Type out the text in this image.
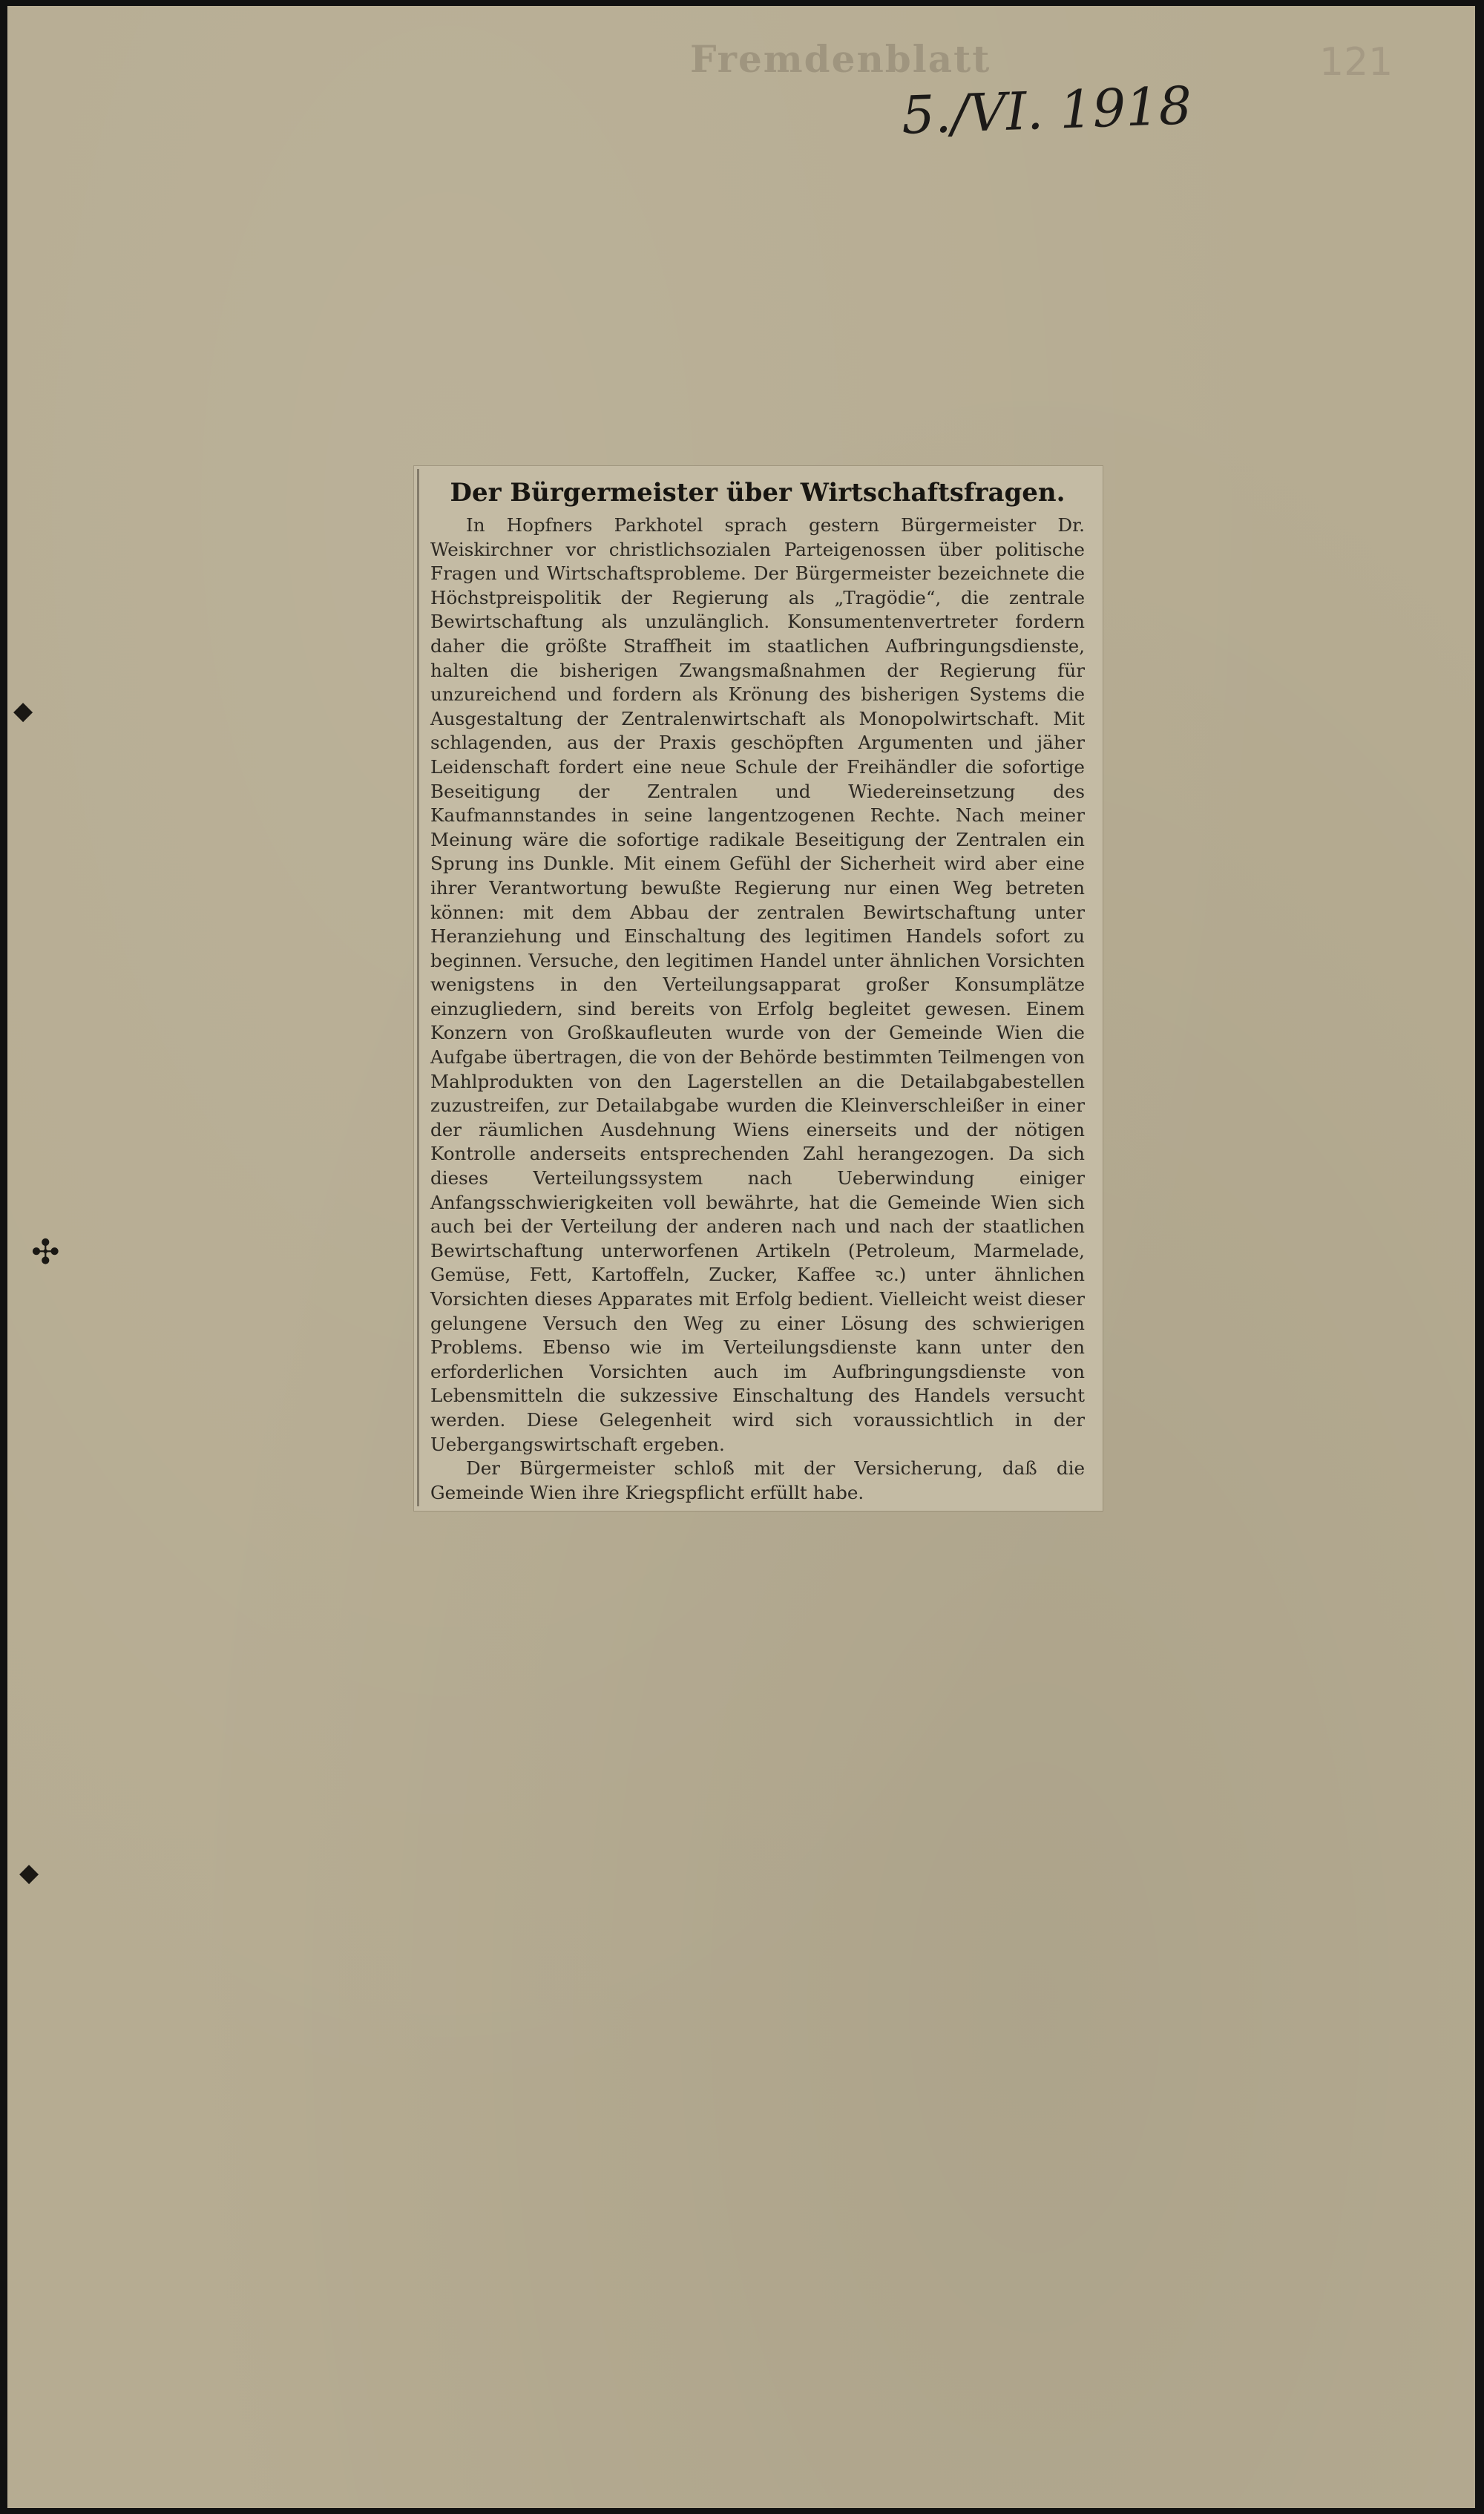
Fremdenblatt
5./VI. 1918
121
◆
✣
◆
Der Bürgermeister über Wirtschaftsfragen.

In Hopfners Parkhotel sprach gestern Bürgermeister Dr. Weiskirchner vor christlichsozialen Parteigenossen über politische Fragen und Wirtschaftsprobleme. Der Bürgermeister bezeichnete die Höchstpreispolitik der Regierung als „Tragödie“, die zentrale Bewirtschaftung als unzulänglich. Konsumentenvertreter fordern daher die größte Straffheit im staatlichen Aufbringungsdienste, halten die bisherigen Zwangsmaßnahmen der Regierung für unzureichend und fordern als Krönung des bisherigen Systems die Ausgestaltung der Zentralenwirtschaft als Monopolwirtschaft. Mit schlagenden, aus der Praxis geschöpften Argumenten und jäher Leidenschaft fordert eine neue Schule der Freihändler die sofortige Beseitigung der Zentralen und Wiedereinsetzung des Kaufmannstandes in seine langentzogenen Rechte. Nach meiner Meinung wäre die sofortige radikale Beseitigung der Zentralen ein Sprung ins Dunkle. Mit einem Gefühl der Sicherheit wird aber eine ihrer Verantwortung bewußte Regierung nur einen Weg betreten können: mit dem Abbau der zentralen Bewirtschaftung unter Heranziehung und Einschaltung des legitimen Handels sofort zu beginnen. Versuche, den legitimen Handel unter ähnlichen Vorsichten wenigstens in den Verteilungsapparat großer Konsumplätze einzugliedern, sind bereits von Erfolg begleitet gewesen. Einem Konzern von Großkaufleuten wurde von der Gemeinde Wien die Aufgabe übertragen, die von der Behörde bestimmten Teilmengen von Mahlprodukten von den Lagerstellen an die Detailabgabestellen zuzustreifen, zur Detailabgabe wurden die Kleinverschleißer in einer der räumlichen Ausdehnung Wiens einerseits und der nötigen Kontrolle anderseits entsprechenden Zahl herangezogen. Da sich dieses Verteilungssystem nach Ueberwindung einiger Anfangsschwierigkeiten voll bewährte, hat die Gemeinde Wien sich auch bei der Verteilung der anderen nach und nach der staatlichen Bewirtschaftung unterworfenen Artikeln (Petroleum, Marmelade, Gemüse, Fett, Kartoffeln, Zucker, Kaffee ꝛc.) unter ähnlichen Vorsichten dieses Apparates mit Erfolg bedient. Vielleicht weist dieser gelungene Versuch den Weg zu einer Lösung des schwierigen Problems. Ebenso wie im Verteilungsdienste kann unter den erforderlichen Vorsichten auch im Aufbringungsdienste von Lebensmitteln die sukzessive Einschaltung des Handels versucht werden. Diese Gelegenheit wird sich voraussichtlich in der Uebergangswirtschaft ergeben.

Der Bürgermeister schloß mit der Versicherung, daß die Gemeinde Wien ihre Kriegspflicht erfüllt habe.
